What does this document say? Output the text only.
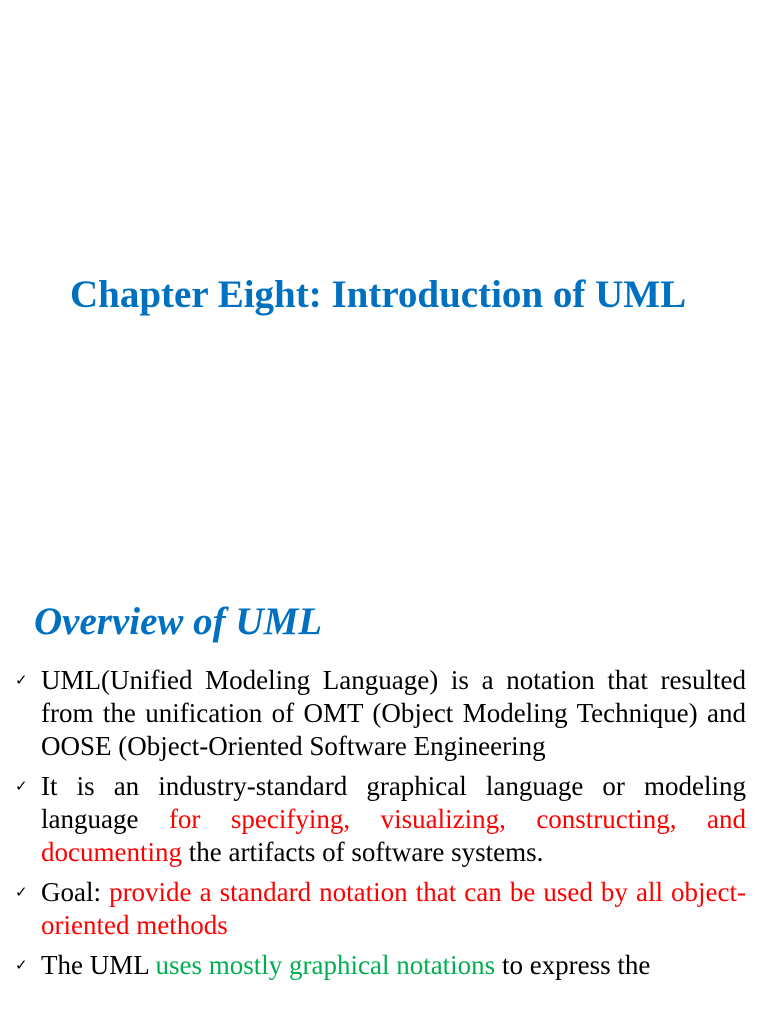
Chapter Eight: Introduction of UML
Overview of UML
✓ UML(Unified Modeling Language) is a notation that resulted from the unification of OMT (Object Modeling Technique) and OOSE (Object-Oriented Software Engineering
✓ It is an industry-standard graphical language or modeling language for specifying, visualizing, constructing, and documenting the artifacts of software systems.
✓ Goal: provide a standard notation that can be used by all object-oriented methods
✓ The UML uses mostly graphical notations to express the
